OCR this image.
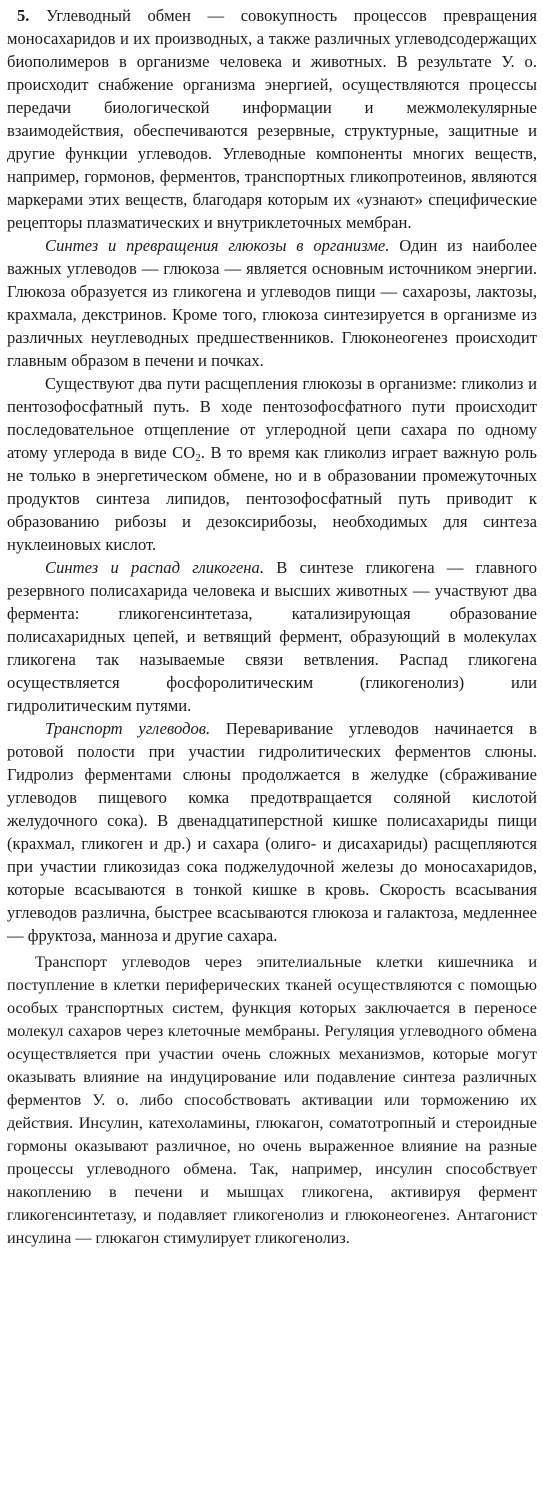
5. Углеводный обмен — совокупность процессов превращения моносахаридов и их производных, а также различных углеводсодержащих биополимеров в организме человека и животных. В результате У. о. происходит снабжение организма энергией, осуществляются процессы передачи биологической информации и межмолекулярные взаимодействия, обеспечиваются резервные, структурные, защитные и другие функции углеводов. Углеводные компоненты многих веществ, например, гормонов, ферментов, транспортных гликопротеинов, являются маркерами этих веществ, благодаря которым их «узнают» специфические рецепторы плазматических и внутриклеточных мембран.

Синтез и превращения глюкозы в организме. Один из наиболее важных углеводов — глюкоза — является основным источником энергии. Глюкоза образуется из гликогена и углеводов пищи — сахарозы, лактозы, крахмала, декстринов. Кроме того, глюкоза синтезируется в организме из различных неуглеводных предшественников. Глюконеогенез происходит главным образом в печени и почках.

Существуют два пути расщепления глюкозы в организме: гликолиз и пентозофосфатный путь. В ходе пентозофосфатного пути происходит последовательное отщепление от углеродной цепи сахара по одному атому углерода в виде $CO_2$. В то время как гликолиз играет важную роль не только в энергетическом обмене, но и в образовании промежуточных продуктов синтеза липидов, пентозофосфатный путь приводит к образованию рибозы и дезоксирибозы, необходимых для синтеза нуклеиновых кислот.

Синтез и распад гликогена. В синтезе гликогена — главного резервного полисахарида человека и высших животных — участвуют два фермента: гликогенсинтетаза, катализирующая образование полисахаридных цепей, и ветвящий фермент, образующий в молекулах гликогена так называемые связи ветвления. Распад гликогена осуществляется фосфоролитическим (гликогенолиз) или гидролитическим путями.

Транспорт углеводов. Переваривание углеводов начинается в ротовой полости при участии гидролитических ферментов слюны. Гидролиз ферментами слюны продолжается в желудке (сбраживание углеводов пищевого комка предотвращается соляной кислотой желудочного сока). В двенадцатиперстной кишке полисахариды пищи (крахмал, гликоген и др.) и сахара (олиго- и дисахариды) расщепляются при участии гликозидаз сока поджелудочной железы до моносахаридов, которые всасываются в тонкой кишке в кровь. Скорость всасывания углеводов различна, быстрее всасываются глюкоза и галактоза, медленнее — фруктоза, манноза и другие сахара.

Транспорт углеводов через эпителиальные клетки кишечника и поступление в клетки периферических тканей осуществляются с помощью особых транспортных систем, функция которых заключается в переносе молекул сахаров через клеточные мембраны. Регуляция углеводного обмена осуществляется при участии очень сложных механизмов, которые могут оказывать влияние на индуцирование или подавление синтеза различных ферментов У. о. либо способствовать активации или торможению их действия. Инсулин, катехоламины, глюкагон, соматотропный и стероидные гормоны оказывают различное, но очень выраженное влияние на разные процессы углеводного обмена. Так, например, инсулин способствует накоплению в печени и мышцах гликогена, активируя фермент гликогенсинтетазу, и подавляет гликогенолиз и глюконеогенез. Антагонист инсулина — глюкагон стимулирует гликогенолиз.
